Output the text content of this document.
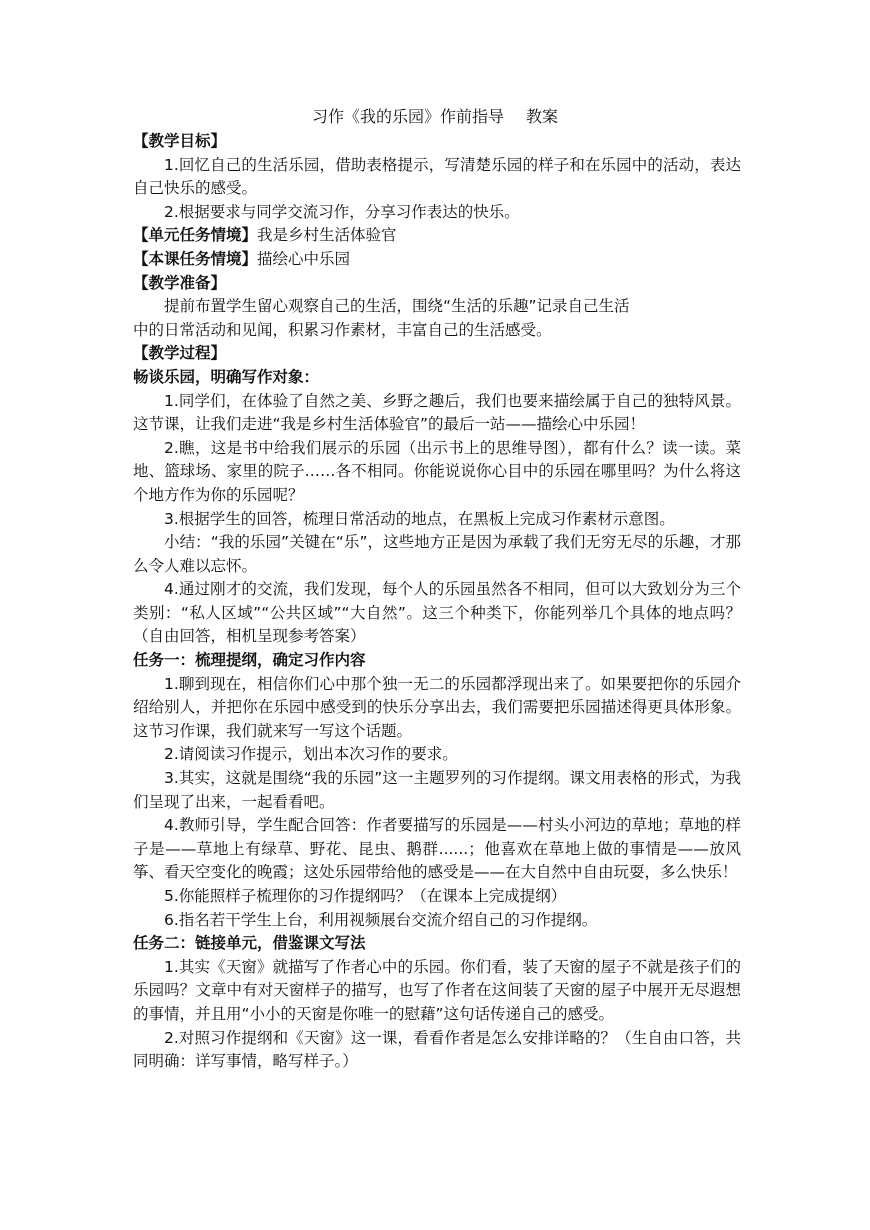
习作《我的乐园》作前指导 教案

【教学目标】

1.回忆自己的生活乐园，借助表格提示，写清楚乐园的样子和在乐园中的活动，表达自己快乐的感受。

2.根据要求与同学交流习作，分享习作表达的快乐。

【单元任务情境】我是乡村生活体验官

【本课任务情境】描绘心中乐园

【教学准备】

提前布置学生留心观察自己的生活，围绕“生活的乐趣”记录自己生活

中的日常活动和见闻，积累习作素材，丰富自己的生活感受。

【教学过程】

畅谈乐园，明确写作对象：

1.同学们，在体验了自然之美、乡野之趣后，我们也要来描绘属于自己的独特风景。这节课，让我们走进“我是乡村生活体验官”的最后一站——描绘心中乐园！

2.瞧，这是书中给我们展示的乐园（出示书上的思维导图），都有什么？读一读。菜地、篮球场、家里的院子……各不相同。你能说说你心目中的乐园在哪里吗？为什么将这个地方作为你的乐园呢？

3.根据学生的回答，梳理日常活动的地点，在黑板上完成习作素材示意图。

小结：“我的乐园”关键在“乐”，这些地方正是因为承载了我们无穷无尽的乐趣，才那么令人难以忘怀。

4.通过刚才的交流，我们发现，每个人的乐园虽然各不相同，但可以大致划分为三个类别：“私人区域”“公共区域”“大自然”。这三个种类下，你能列举几个具体的地点吗？（自由回答，相机呈现参考答案）

任务一：梳理提纲，确定习作内容

1.聊到现在，相信你们心中那个独一无二的乐园都浮现出来了。如果要把你的乐园介绍给别人，并把你在乐园中感受到的快乐分享出去，我们需要把乐园描述得更具体形象。这节习作课，我们就来写一写这个话题。

2.请阅读习作提示，划出本次习作的要求。

3.其实，这就是围绕“我的乐园”这一主题罗列的习作提纲。课文用表格的形式，为我们呈现了出来，一起看看吧。

4.教师引导，学生配合回答：作者要描写的乐园是——村头小河边的草地；草地的样子是——草地上有绿草、野花、昆虫、鹅群......；他喜欢在草地上做的事情是——放风筝、看天空变化的晚霞；这处乐园带给他的感受是——在大自然中自由玩耍，多么快乐！

5.你能照样子梳理你的习作提纲吗？（在课本上完成提纲）

6.指名若干学生上台，利用视频展台交流介绍自己的习作提纲。

任务二：链接单元，借鉴课文写法

1.其实《天窗》就描写了作者心中的乐园。你们看，装了天窗的屋子不就是孩子们的乐园吗？文章中有对天窗样子的描写，也写了作者在这间装了天窗的屋子中展开无尽遐想的事情，并且用“小小的天窗是你唯一的慰藉”这句话传递自己的感受。

2.对照习作提纲和《天窗》这一课，看看作者是怎么安排详略的？（生自由口答，共同明确：详写事情，略写样子。）
